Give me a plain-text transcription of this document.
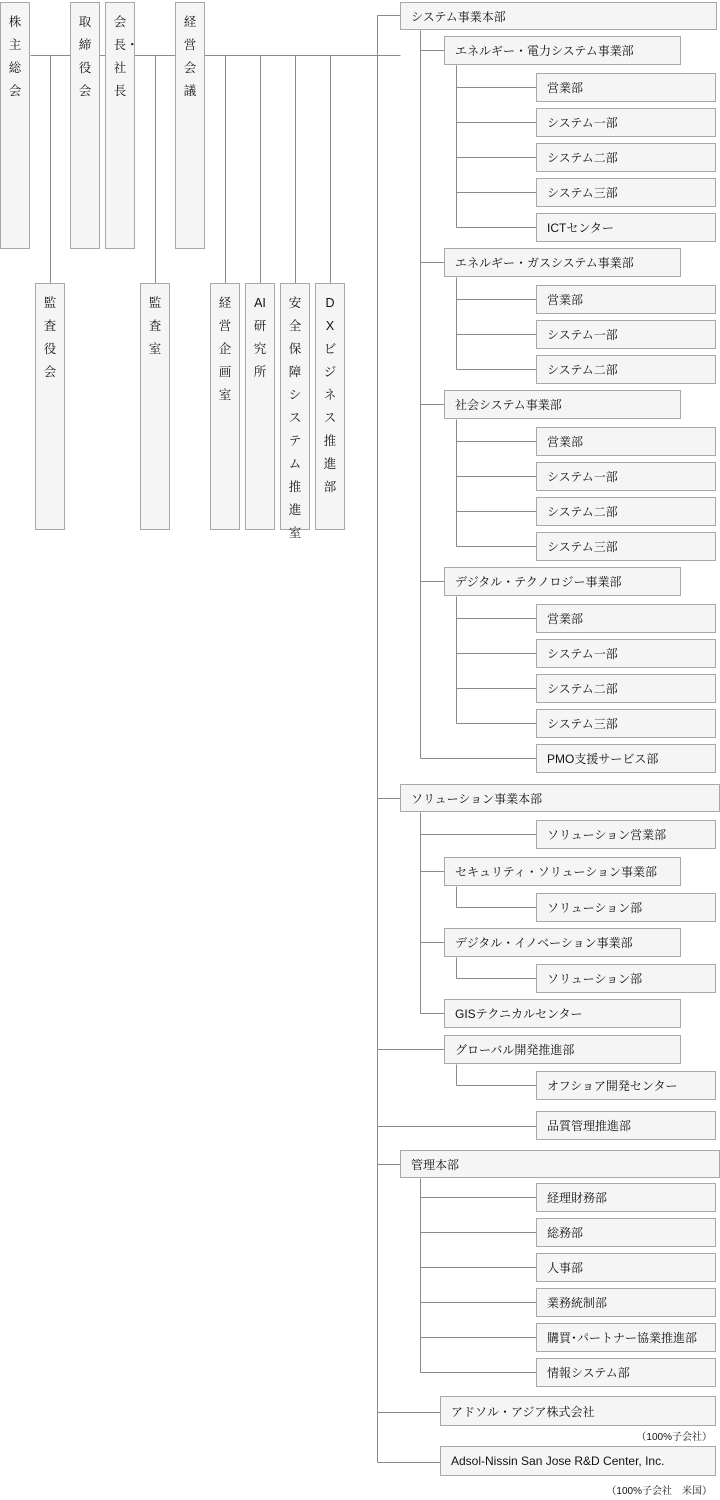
株主総会
取締役会
会長・社長
経営会議
監査役会
監査室
経営企画室
AI研究所
安全保障システム推進室
DXビジネス推進部
システム事業本部
エネルギー・電力システム事業部
営業部
システム一部
システム二部
システム三部
ICTセンター
エネルギー・ガスシステム事業部
営業部
システム一部
システム二部
社会システム事業部
営業部
システム一部
システム二部
システム三部
デジタル・テクノロジー事業部
営業部
システム一部
システム二部
システム三部
PMO支援サービス部
ソリューション事業本部
ソリューション営業部
セキュリティ・ソリューション事業部
ソリューション部
デジタル・イノベーション事業部
ソリューション部
GISテクニカルセンター
グローバル開発推進部
オフショア開発センター
品質管理推進部
管理本部
経理財務部
総務部
人事部
業務統制部
購買･パートナー協業推進部
情報システム部
アドソル・アジア株式会社
（100%子会社）
Adsol-Nissin San Jose R&D Center, Inc.
（100%子会社　米国）
